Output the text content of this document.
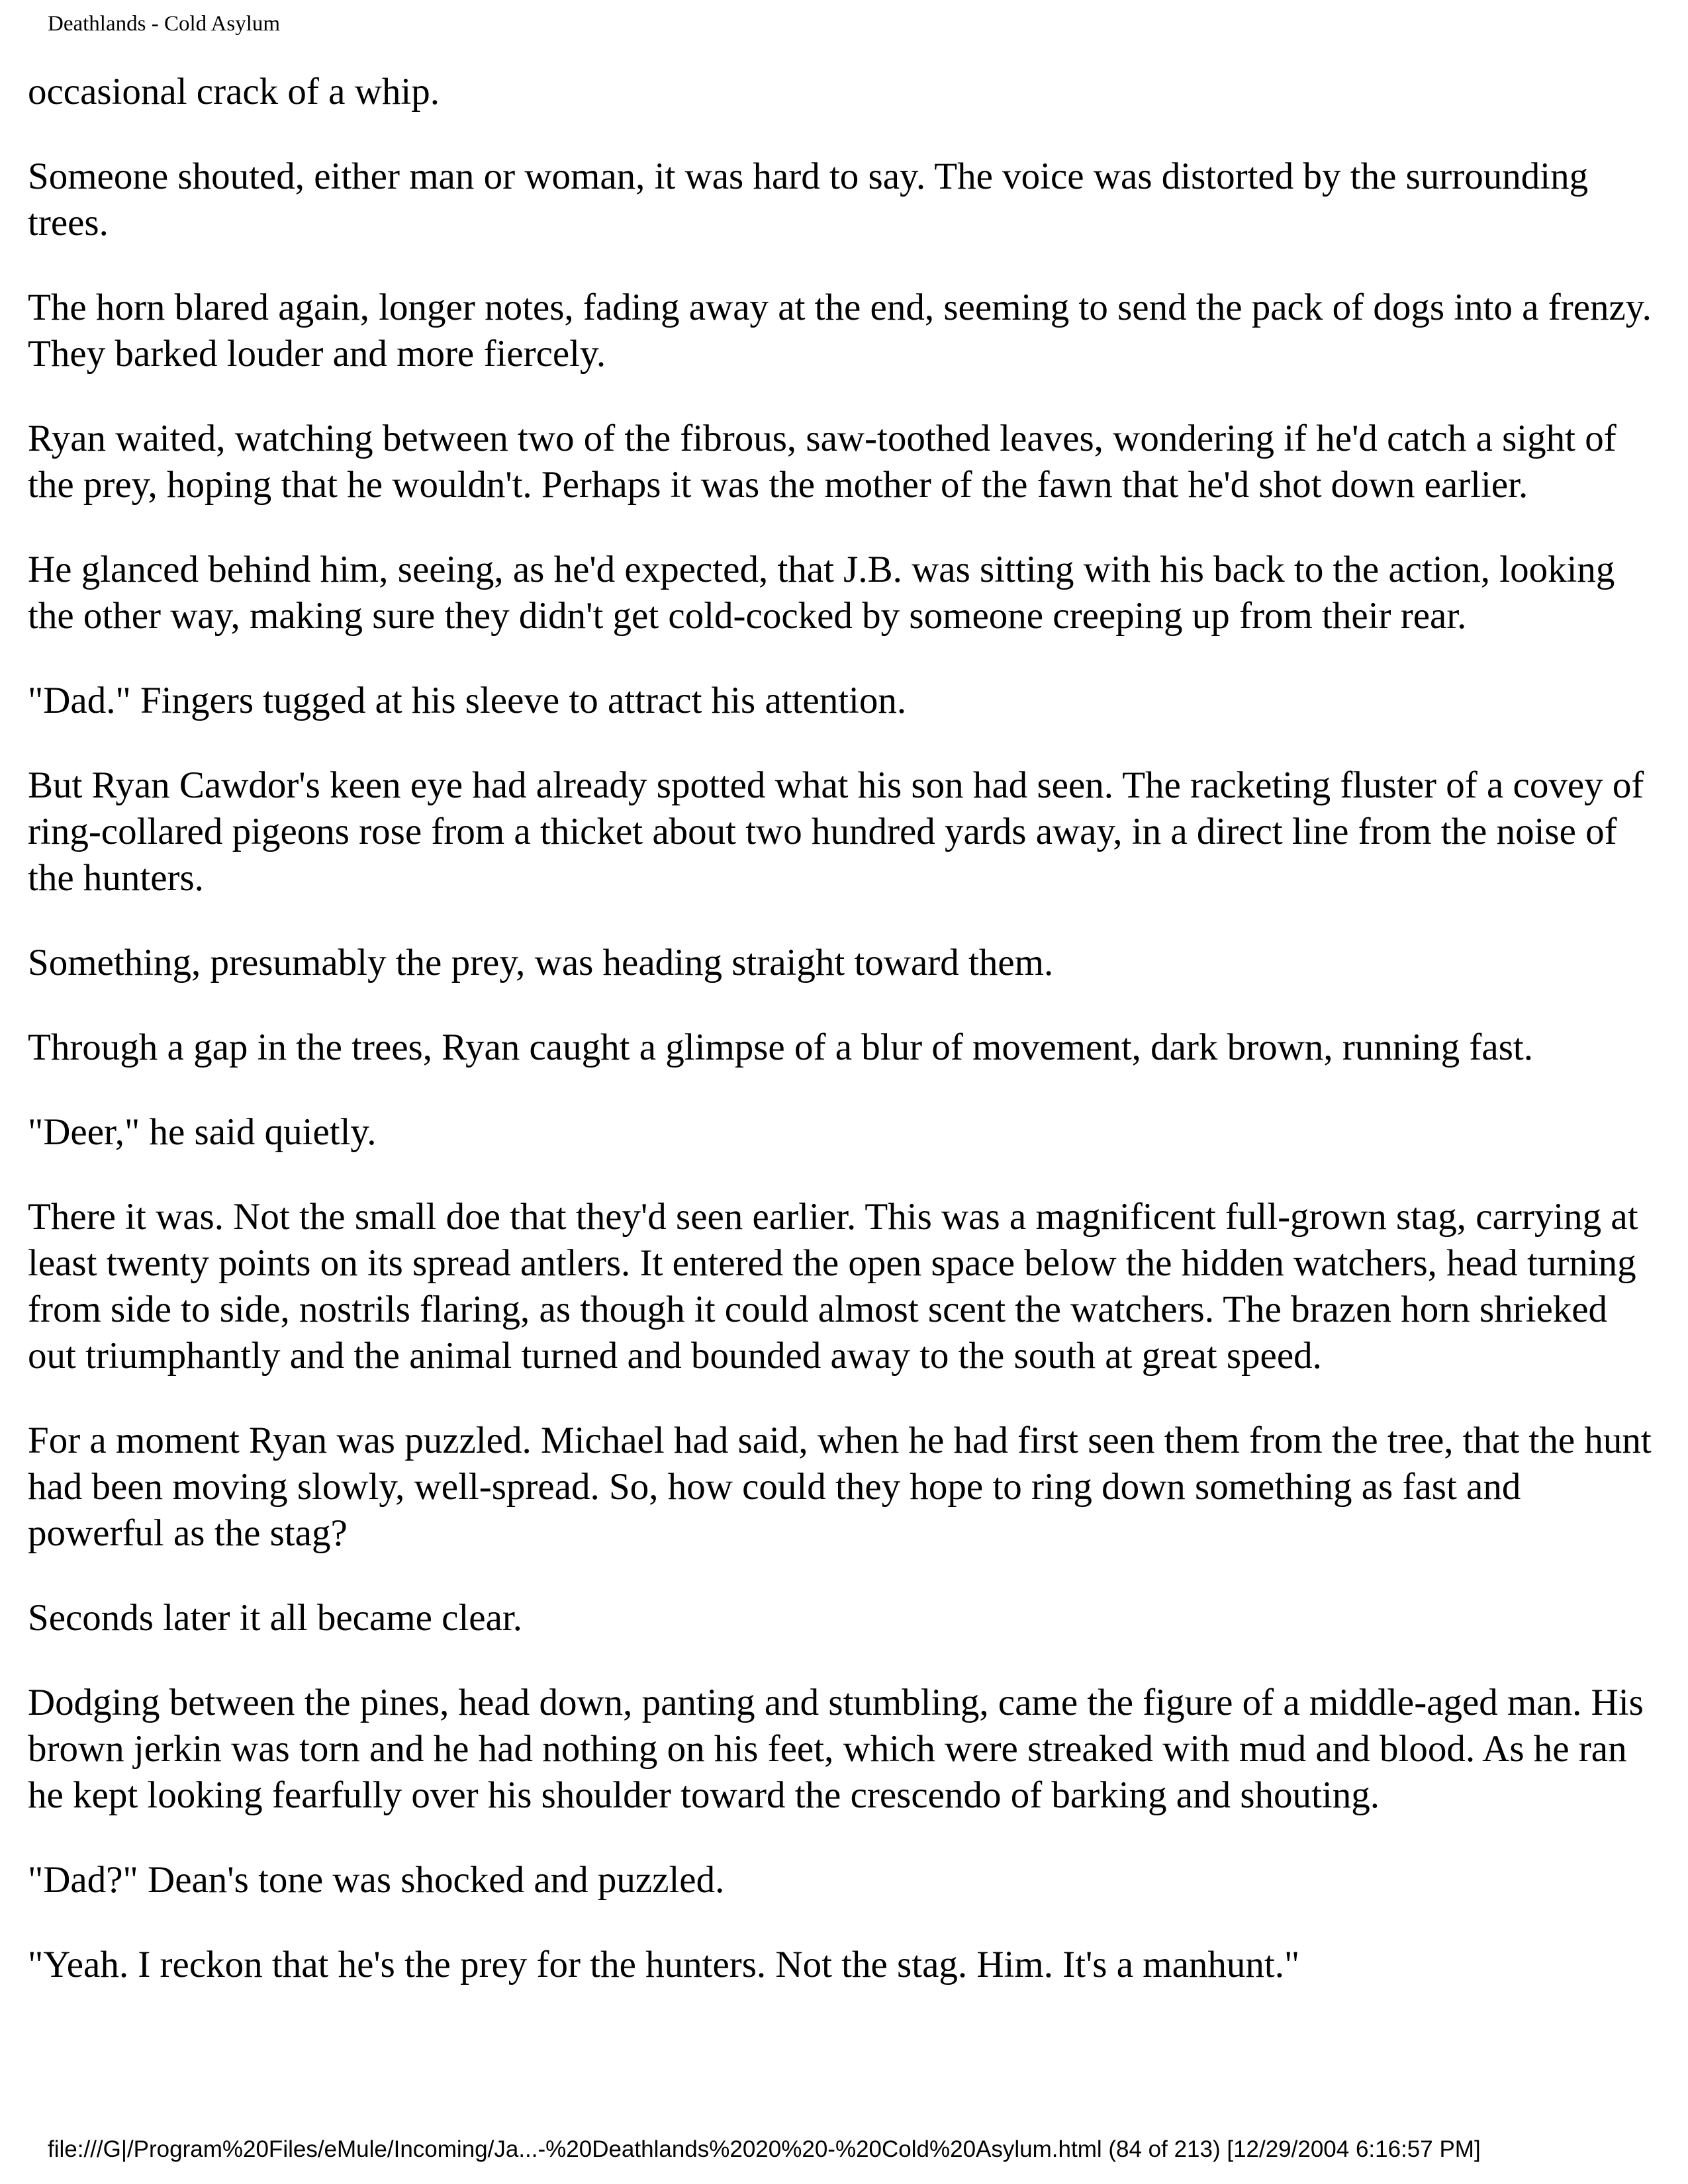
Deathlands - Cold Asylum

occasional crack of a whip.

Someone shouted, either man or woman, it was hard to say. The voice was distorted by the surrounding trees.

The horn blared again, longer notes, fading away at the end, seeming to send the pack of dogs into a frenzy. They barked louder and more fiercely.

Ryan waited, watching between two of the fibrous, saw-toothed leaves, wondering if he'd catch a sight of the prey, hoping that he wouldn't. Perhaps it was the mother of the fawn that he'd shot down earlier.

He glanced behind him, seeing, as he'd expected, that J.B. was sitting with his back to the action, looking the other way, making sure they didn't get cold-cocked by someone creeping up from their rear.

"Dad." Fingers tugged at his sleeve to attract his attention.

But Ryan Cawdor's keen eye had already spotted what his son had seen. The racketing fluster of a covey of ring-collared pigeons rose from a thicket about two hundred yards away, in a direct line from the noise of the hunters.

Something, presumably the prey, was heading straight toward them.

Through a gap in the trees, Ryan caught a glimpse of a blur of movement, dark brown, running fast.

"Deer," he said quietly.

There it was. Not the small doe that they'd seen earlier. This was a magnificent full-grown stag, carrying at least twenty points on its spread antlers. It entered the open space below the hidden watchers, head turning from side to side, nostrils flaring, as though it could almost scent the watchers. The brazen horn shrieked out triumphantly and the animal turned and bounded away to the south at great speed.

For a moment Ryan was puzzled. Michael had said, when he had first seen them from the tree, that the hunt had been moving slowly, well-spread. So, how could they hope to ring down something as fast and powerful as the stag?

Seconds later it all became clear.

Dodging between the pines, head down, panting and stumbling, came the figure of a middle-aged man. His brown jerkin was torn and he had nothing on his feet, which were streaked with mud and blood. As he ran he kept looking fearfully over his shoulder toward the crescendo of barking and shouting.

"Dad?" Dean's tone was shocked and puzzled.

"Yeah. I reckon that he's the prey for the hunters. Not the stag. Him. It's a manhunt."

file:///G|/Program%20Files/eMule/Incoming/Ja...-%20Deathlands%2020%20-%20Cold%20Asylum.html (84 of 213) [12/29/2004 6:16:57 PM]
